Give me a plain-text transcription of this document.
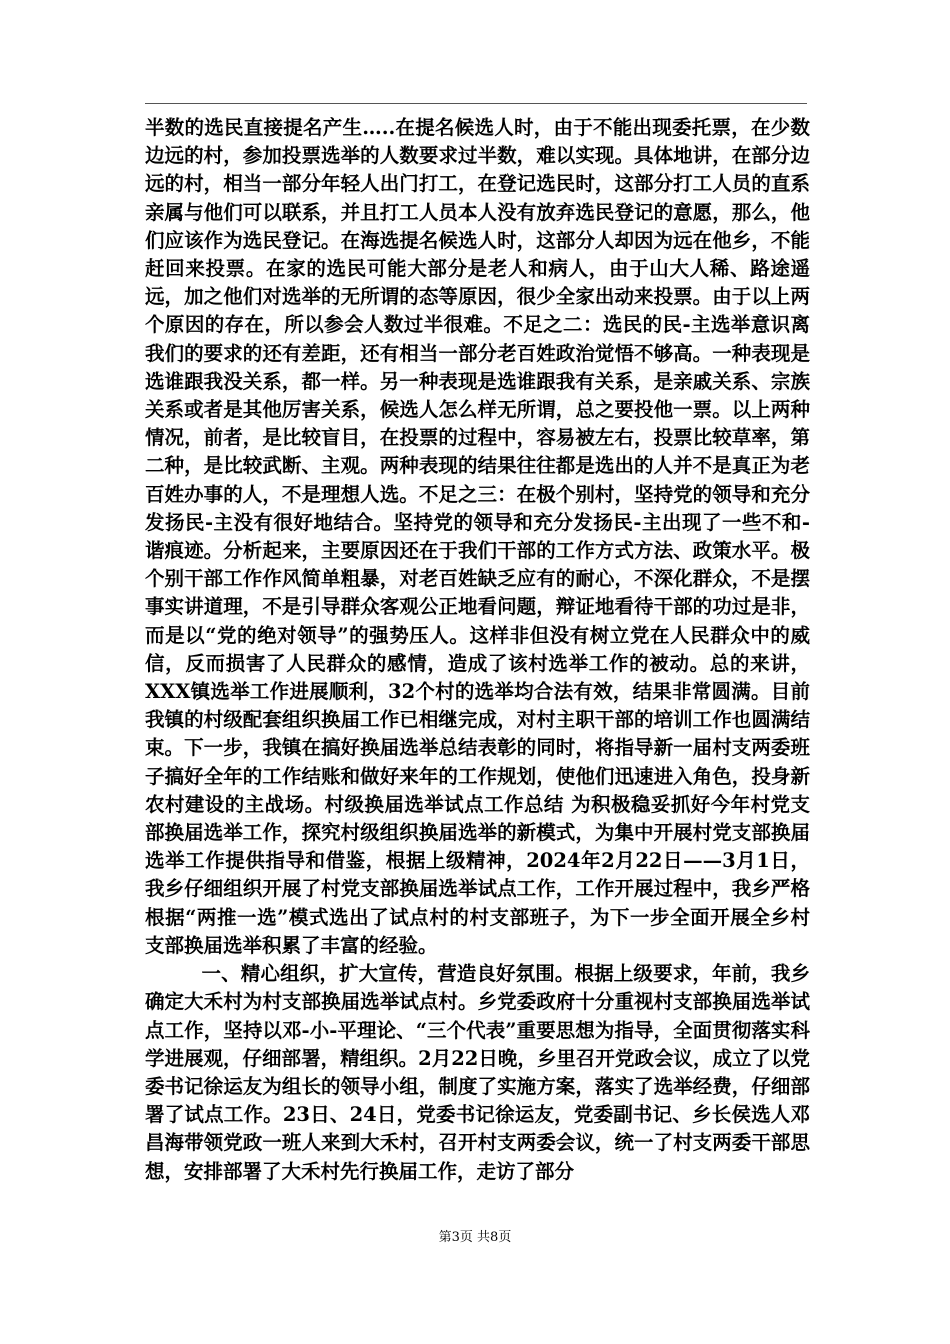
半数的选民直接提名产生…..在提名候选人时，由于不能出现委托票，在少数边远的村，参加投票选举的人数要求过半数，难以实现。具体地讲，在部分边远的村，相当一部分年轻人出门打工，在登记选民时，这部分打工人员的直系亲属与他们可以联系，并且打工人员本人没有放弃选民登记的意愿，那么，他们应该作为选民登记。在海选提名候选人时，这部分人却因为远在他乡，不能赶回来投票。在家的选民可能大部分是老人和病人，由于山大人稀、路途遥远，加之他们对选举的无所谓的态等原因，很少全家出动来投票。由于以上两个原因的存在，所以参会人数过半很难。不足之二：选民的民-主选举意识离我们的要求的还有差距，还有相当一部分老百姓政治觉悟不够高。一种表现是选谁跟我没关系，都一样。另一种表现是选谁跟我有关系，是亲戚关系、宗族关系或者是其他厉害关系，候选人怎么样无所谓，总之要投他一票。以上两种情况，前者，是比较盲目，在投票的过程中，容易被左右，投票比较草率，第二种，是比较武断、主观。两种表现的结果往往都是选出的人并不是真正为老百姓办事的人，不是理想人选。不足之三：在极个别村，坚持党的领导和充分发扬民-主没有很好地结合。坚持党的领导和充分发扬民-主出现了一些不和-谐痕迹。分析起来，主要原因还在于我们干部的工作方式方法、政策水平。极个别干部工作作风简单粗暴，对老百姓缺乏应有的耐心，不深化群众，不是摆事实讲道理，不是引导群众客观公正地看问题，辩证地看待干部的功过是非，而是以“党的绝对领导”的强势压人。这样非但没有树立党在人民群众中的威信，反而损害了人民群众的感情，造成了该村选举工作的被动。总的来讲，XXX镇选举工作进展顺利，32个村的选举均合法有效，结果非常圆满。目前我镇的村级配套组织换届工作已相继完成，对村主职干部的培训工作也圆满结束。下一步，我镇在搞好换届选举总结表彰的同时，将指导新一届村支两委班子搞好全年的工作结账和做好来年的工作规划，使他们迅速进入角色，投身新农村建设的主战场。村级换届选举试点工作总结 为积极稳妥抓好今年村党支部换届选举工作，探究村级组织换届选举的新模式，为集中开展村党支部换届选举工作提供指导和借鉴，根据上级精神，2024年2月22日——3月1日，我乡仔细组织开展了村党支部换届选举试点工作，工作开展过程中，我乡严格根据“两推一选”模式选出了试点村的村支部班子，为下一步全面开展全乡村支部换届选举积累了丰富的经验。

一、精心组织，扩大宣传，营造良好氛围。根据上级要求，年前，我乡确定大禾村为村支部换届选举试点村。乡党委政府十分重视村支部换届选举试点工作，坚持以邓-小-平理论、“三个代表”重要思想为指导，全面贯彻落实科学进展观，仔细部署，精组织。2月22日晚，乡里召开党政会议，成立了以党委书记徐运友为组长的领导小组，制度了实施方案，落实了选举经费，仔细部署了试点工作。23日、24日，党委书记徐运友，党委副书记、乡长侯选人邓昌海带领党政一班人来到大禾村，召开村支两委会议，统一了村支两委干部思想，安排部署了大禾村先行换届工作，走访了部分

第3页 共8页
